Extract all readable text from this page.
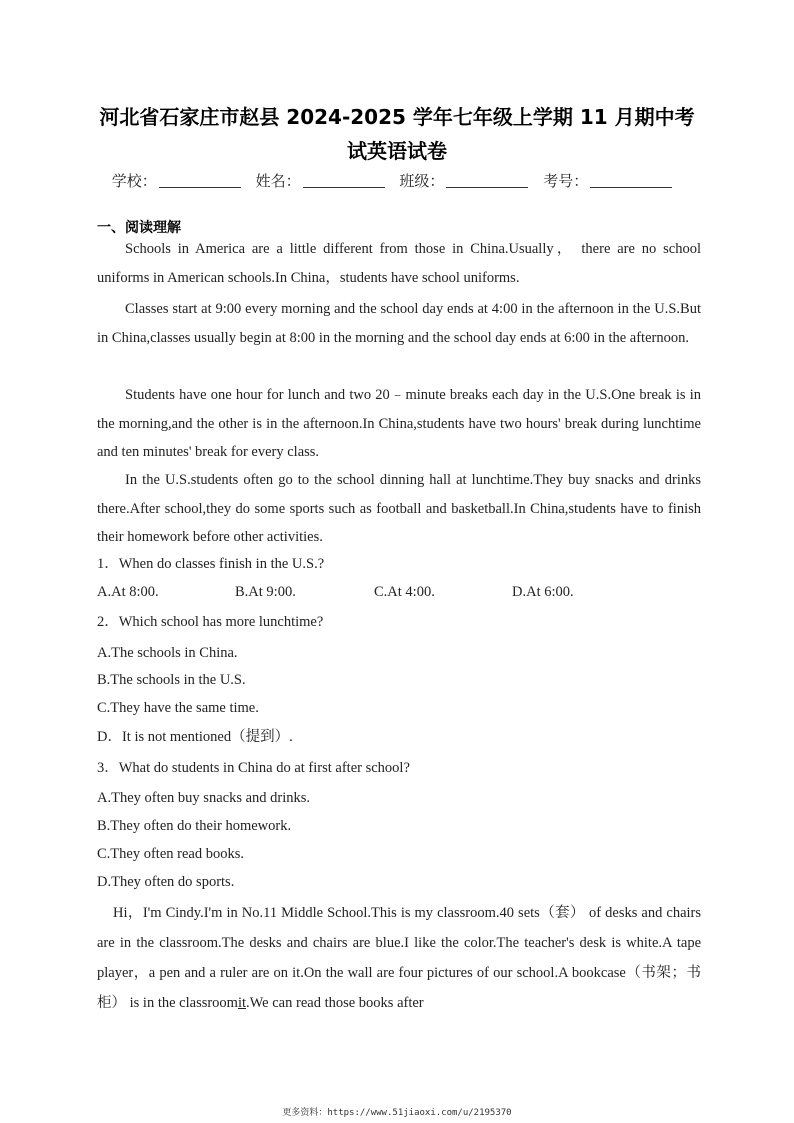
河北省石家庄市赵县 2024-2025 学年七年级上学期 11 月期中考试英语试卷
学校：	姓名：	班级：	考号：
一、阅读理解
Schools in America are a little different from those in China.Usually， there are no school uniforms in American schools.In China，students have school uniforms.
Classes start at 9:00 every morning and the school day ends at 4:00 in the afternoon in the U.S.But in China,classes usually begin at 8:00 in the morning and the school day ends at 6:00 in the afternoon.
Students have one hour for lunch and two 20﹣minute breaks each day in the U.S.One break is in the morning,and the other is in the afternoon.In China,students have two hours' break during lunchtime and ten minutes' break for every class.
In the U.S.students often go to the school dinning hall at lunchtime.They buy snacks and drinks there.After school,they do some sports such as football and basketball.In China,students have to finish their homework before other activities.
1．When do classes finish in the U.S.?
A.At 8:00.	B.At 9:00.	C.At 4:00.	D.At 6:00.
2．Which school has more lunchtime?
A.The schools in China.
B.The schools in the U.S.
C.They have the same time.
D．It is not mentioned（提到）.
3．What do students in China do at first after school?
A.They often buy snacks and drinks.
B.They often do their homework.
C.They often read books.
D.They often do sports.
Hi，I'm Cindy.I'm in No.11 Middle School.This is my classroom.40 sets（套） of desks and chairs are in the classroom.The desks and chairs are blue.I like the color.The teacher's desk is white.A tape player，a pen and a ruler are on it.On the wall are four pictures of our school.A bookcase（书架；书柜） is in the classroomit.We can read those books after
更多资料：https://www.51jiaoxi.com/u/2195370
